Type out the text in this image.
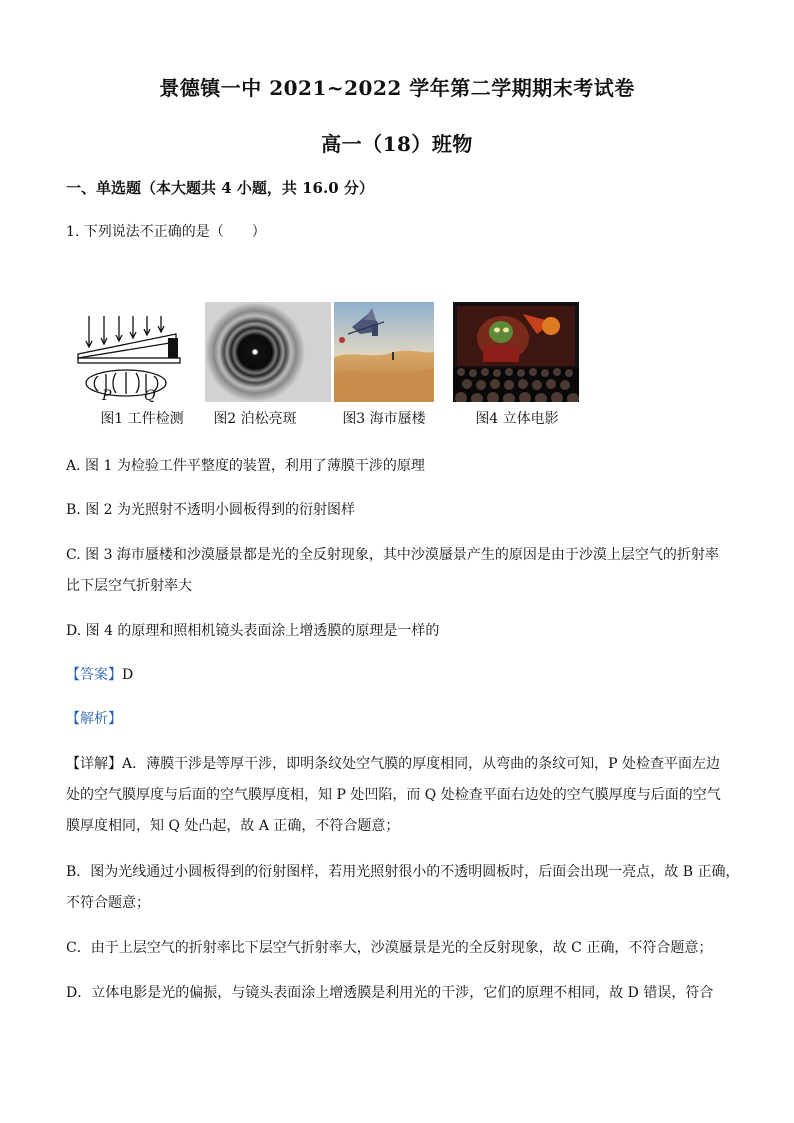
景德镇一中 2021~2022 学年第二学期期末考试卷
高一（18）班物
一、单选题（本大题共 4 小题，共 16.0 分）
1. 下列说法不正确的是（　　）
P Q
图1 工件检测	图2 泊松亮斑	图3 海市蜃楼	图4 立体电影
A. 图 1 为检验工件平整度的装置，利用了薄膜干涉的原理
B. 图 2 为光照射不透明小圆板得到的衍射图样
C. 图 3 海市蜃楼和沙漠蜃景都是光的全反射现象，其中沙漠蜃景产生的原因是由于沙漠上层空气的折射率
比下层空气折射率大
D. 图 4 的原理和照相机镜头表面涂上增透膜的原理是一样的
【答案】D
【解析】
【详解】A．薄膜干涉是等厚干涉，即明条纹处空气膜的厚度相同，从弯曲的条纹可知，P 处检查平面左边
处的空气膜厚度与后面的空气膜厚度相，知 P 处凹陷，而 Q 处检查平面右边处的空气膜厚度与后面的空气
膜厚度相同，知 Q 处凸起，故 A 正确，不符合题意；
B．图为光线通过小圆板得到的衍射图样，若用光照射很小的不透明圆板时，后面会出现一亮点，故 B 正确，
不符合题意；
C．由于上层空气的折射率比下层空气折射率大，沙漠蜃景是光的全反射现象，故 C 正确，不符合题意；
D．立体电影是光的偏振，与镜头表面涂上增透膜是利用光的干涉，它们的原理不相同，故 D 错误，符合
